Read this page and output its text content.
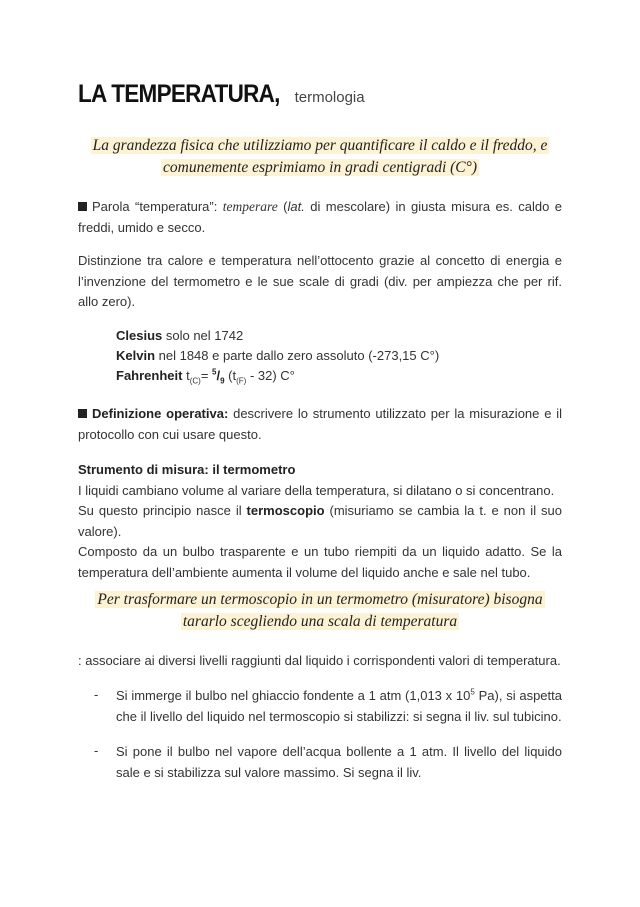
LA TEMPERATURA, termologia
La grandezza fisica che utilizziamo per quantificare il caldo e il freddo, e comunemente esprimiamo in gradi centigradi (C°)
Parola “temperatura”: temperare (lat. di mescolare) in giusta misura es. caldo e freddi, umido e secco.
Distinzione tra calore e temperatura nell’ottocento grazie al concetto di energia e l’invenzione del termometro e le sue scale di gradi (div. per ampiezza che per rif. allo zero).
Clesius solo nel 1742
Kelvin nel 1848 e parte dallo zero assoluto (-273,15 C°)
Fahrenheit $t_{(C)}= ^5/_9$ $(t_{(F)} - 32)$ C°
Definizione operativa: descrivere lo strumento utilizzato per la misurazione e il protocollo con cui usare questo.
Strumento di misura: il termometro
I liquidi cambiano volume al variare della temperatura, si dilatano o si concentrano.
Su questo principio nasce il termoscopio (misuriamo se cambia la t. e non il suo valore).
Composto da un bulbo trasparente e un tubo riempiti da un liquido adatto. Se la temperatura dell’ambiente aumenta il volume del liquido anche e sale nel tubo.
Per trasformare un termoscopio in un termometro (misuratore) bisogna tararlo scegliendo una scala di temperatura
: associare ai diversi livelli raggiunti dal liquido i corrispondenti valori di temperatura.
- Si immerge il bulbo nel ghiaccio fondente a 1 atm (1,013 x $10^5$ Pa), si aspetta che il livello del liquido nel termoscopio si stabilizzi: si segna il liv. sul tubicino.
- Si pone il bulbo nel vapore dell’acqua bollente a 1 atm. Il livello del liquido sale e si stabilizza sul valore massimo. Si segna il liv.
